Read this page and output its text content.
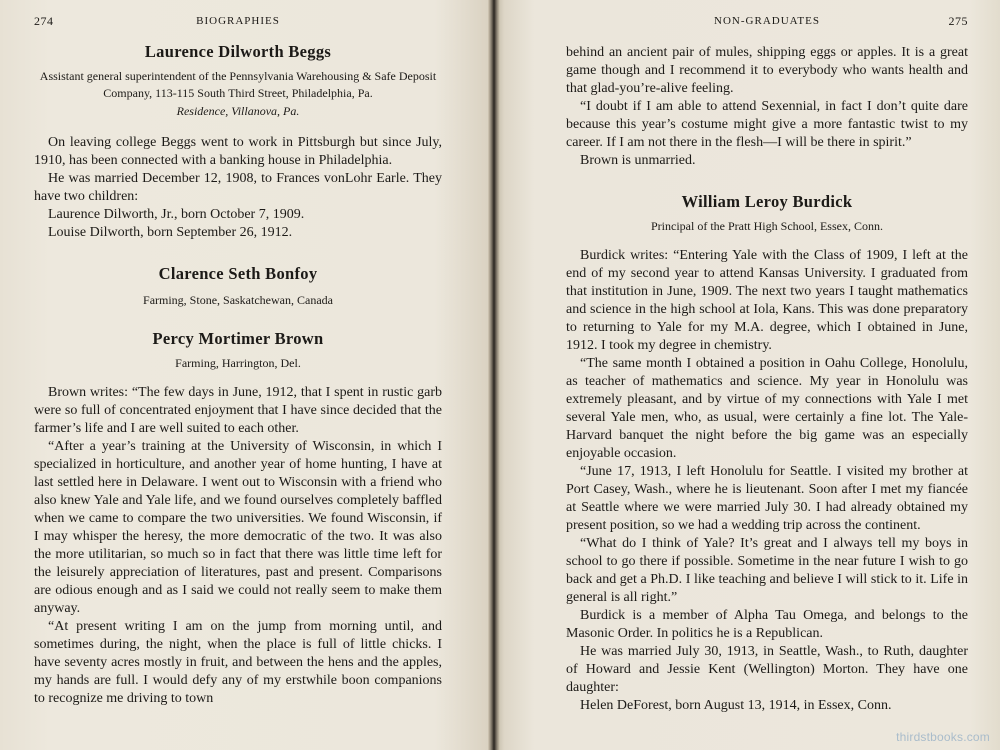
274	BIOGRAPHIES
Laurence Dilworth Beggs

Assistant general superintendent of the Pennsylvania Warehousing & Safe Deposit Company, 113-115 South Third Street, Philadelphia, Pa.

Residence, Villanova, Pa.

On leaving college Beggs went to work in Pittsburgh but since July, 1910, has been connected with a banking house in Philadelphia.

He was married December 12, 1908, to Frances vonLohr Earle. They have two children:

Laurence Dilworth, Jr., born October 7, 1909.

Louise Dilworth, born September 26, 1912.

Clarence Seth Bonfoy

Farming, Stone, Saskatchewan, Canada

Percy Mortimer Brown

Farming, Harrington, Del.

Brown writes: “The few days in June, 1912, that I spent in rustic garb were so full of concentrated enjoyment that I have since decided that the farmer’s life and I are well suited to each other.

“After a year’s training at the University of Wisconsin, in which I specialized in horticulture, and another year of home hunting, I have at last settled here in Delaware. I went out to Wisconsin with a friend who also knew Yale and Yale life, and we found ourselves completely baffled when we came to compare the two universities. We found Wisconsin, if I may whisper the heresy, the more democratic of the two. It was also the more utilitarian, so much so in fact that there was little time left for the leisurely appreciation of literatures, past and present. Comparisons are odious enough and as I said we could not really seem to make them anyway.

“At present writing I am on the jump from morning until, and sometimes during, the night, when the place is full of little chicks. I have seventy acres mostly in fruit, and between the hens and the apples, my hands are full. I would defy any of my erstwhile boon companions to recognize me driving to town

NON-GRADUATES	275

behind an ancient pair of mules, shipping eggs or apples. It is a great game though and I recommend it to everybody who wants health and that glad-you’re-alive feeling.

“I doubt if I am able to attend Sexennial, in fact I don’t quite dare because this year’s costume might give a more fantastic twist to my career. If I am not there in the flesh—I will be there in spirit.”

Brown is unmarried.

William Leroy Burdick

Principal of the Pratt High School, Essex, Conn.

Burdick writes: “Entering Yale with the Class of 1909, I left at the end of my second year to attend Kansas University. I graduated from that institution in June, 1909. The next two years I taught mathematics and science in the high school at Iola, Kans. This was done preparatory to returning to Yale for my M.A. degree, which I obtained in June, 1912. I took my degree in chemistry.

“The same month I obtained a position in Oahu College, Honolulu, as teacher of mathematics and science. My year in Honolulu was extremely pleasant, and by virtue of my connections with Yale I met several Yale men, who, as usual, were certainly a fine lot. The Yale-Harvard banquet the night before the big game was an especially enjoyable occasion.

“June 17, 1913, I left Honolulu for Seattle. I visited my brother at Port Casey, Wash., where he is lieutenant. Soon after I met my fiancée at Seattle where we were married July 30. I had already obtained my present position, so we had a wedding trip across the continent.

“What do I think of Yale? It’s great and I always tell my boys in school to go there if possible. Sometime in the near future I wish to go back and get a Ph.D. I like teaching and believe I will stick to it. Life in general is all right.”

Burdick is a member of Alpha Tau Omega, and belongs to the Masonic Order. In politics he is a Republican.

He was married July 30, 1913, in Seattle, Wash., to Ruth, daughter of Howard and Jessie Kent (Wellington) Morton. They have one daughter:

Helen DeForest, born August 13, 1914, in Essex, Conn.

thirdstbooks.com
